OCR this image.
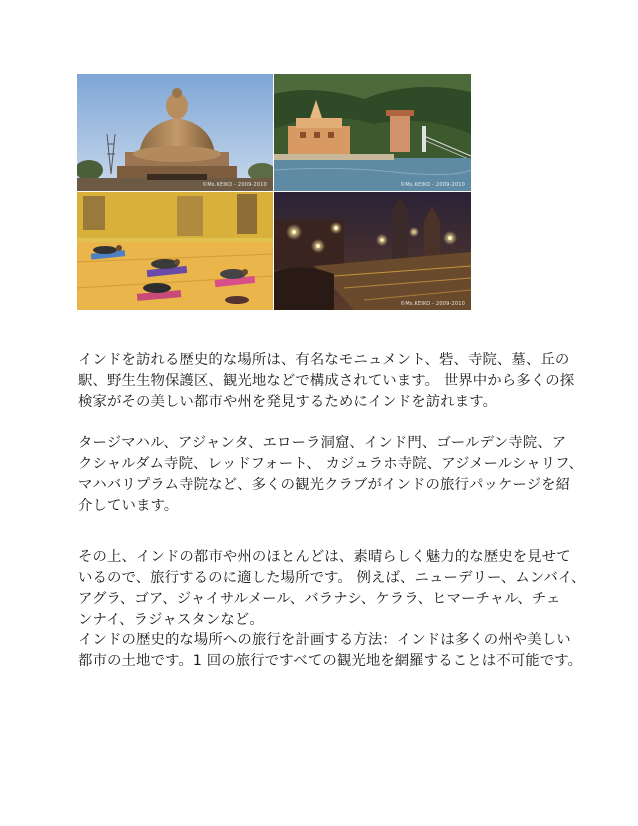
©Ms.KEIKO - 2009-2010	©Ms.KEIKO - 2009-2010
©Ms.KEIKO - 2009-2010

インドを訪れる歴史的な場所は、有名なモニュメント、砦、寺院、墓、丘の

駅、野生生物保護区、観光地などで構成されています。 世界中から多くの探

検家がその美しい都市や州を発見するためにインドを訪れます。

タージマハル、アジャンタ、エローラ洞窟、インド門、ゴールデン寺院、ア

クシャルダム寺院、レッドフォート、 カジュラホ寺院、アジメールシャリフ、

マハバリプラム寺院など、多くの観光クラブがインドの旅行パッケージを紹

介しています。

その上、インドの都市や州のほとんどは、素晴らしく魅力的な歴史を見せて

いるので、旅行するのに適した場所です。 例えば、ニューデリー、ムンバイ、

アグラ、ゴア、ジャイサルメール、バラナシ、ケララ、ヒマーチャル、チェ

ンナイ、ラジャスタンなど。

インドの歴史的な場所への旅行を計画する方法：インドは多くの州や美しい

都市の土地です。1 回の旅行ですべての観光地を網羅することは不可能です。
